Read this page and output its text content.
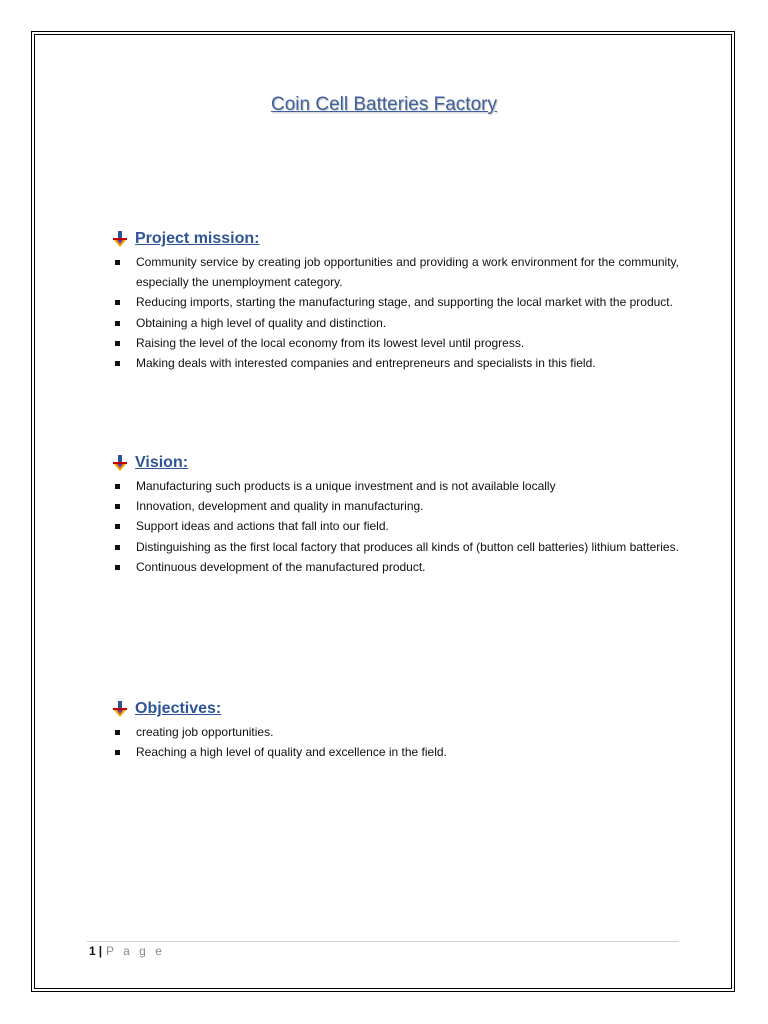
Coin Cell Batteries Factory
Project mission:
Community service by creating job opportunities and providing a work environment for the community, especially the unemployment category.
Reducing imports, starting the manufacturing stage, and supporting the local market with the product.
Obtaining a high level of quality and distinction.
Raising the level of the local economy from its lowest level until progress.
Making deals with interested companies and entrepreneurs and specialists in this field.
Vision:
Manufacturing such products is a unique investment and is not available locally
Innovation, development and quality in manufacturing.
Support ideas and actions that fall into our field.
Distinguishing as the first local factory that produces all kinds of (button cell batteries) lithium batteries.
Continuous development of the manufactured product.
Objectives:
creating job opportunities.
Reaching a high level of quality and excellence in the field.
1 | P a g e
